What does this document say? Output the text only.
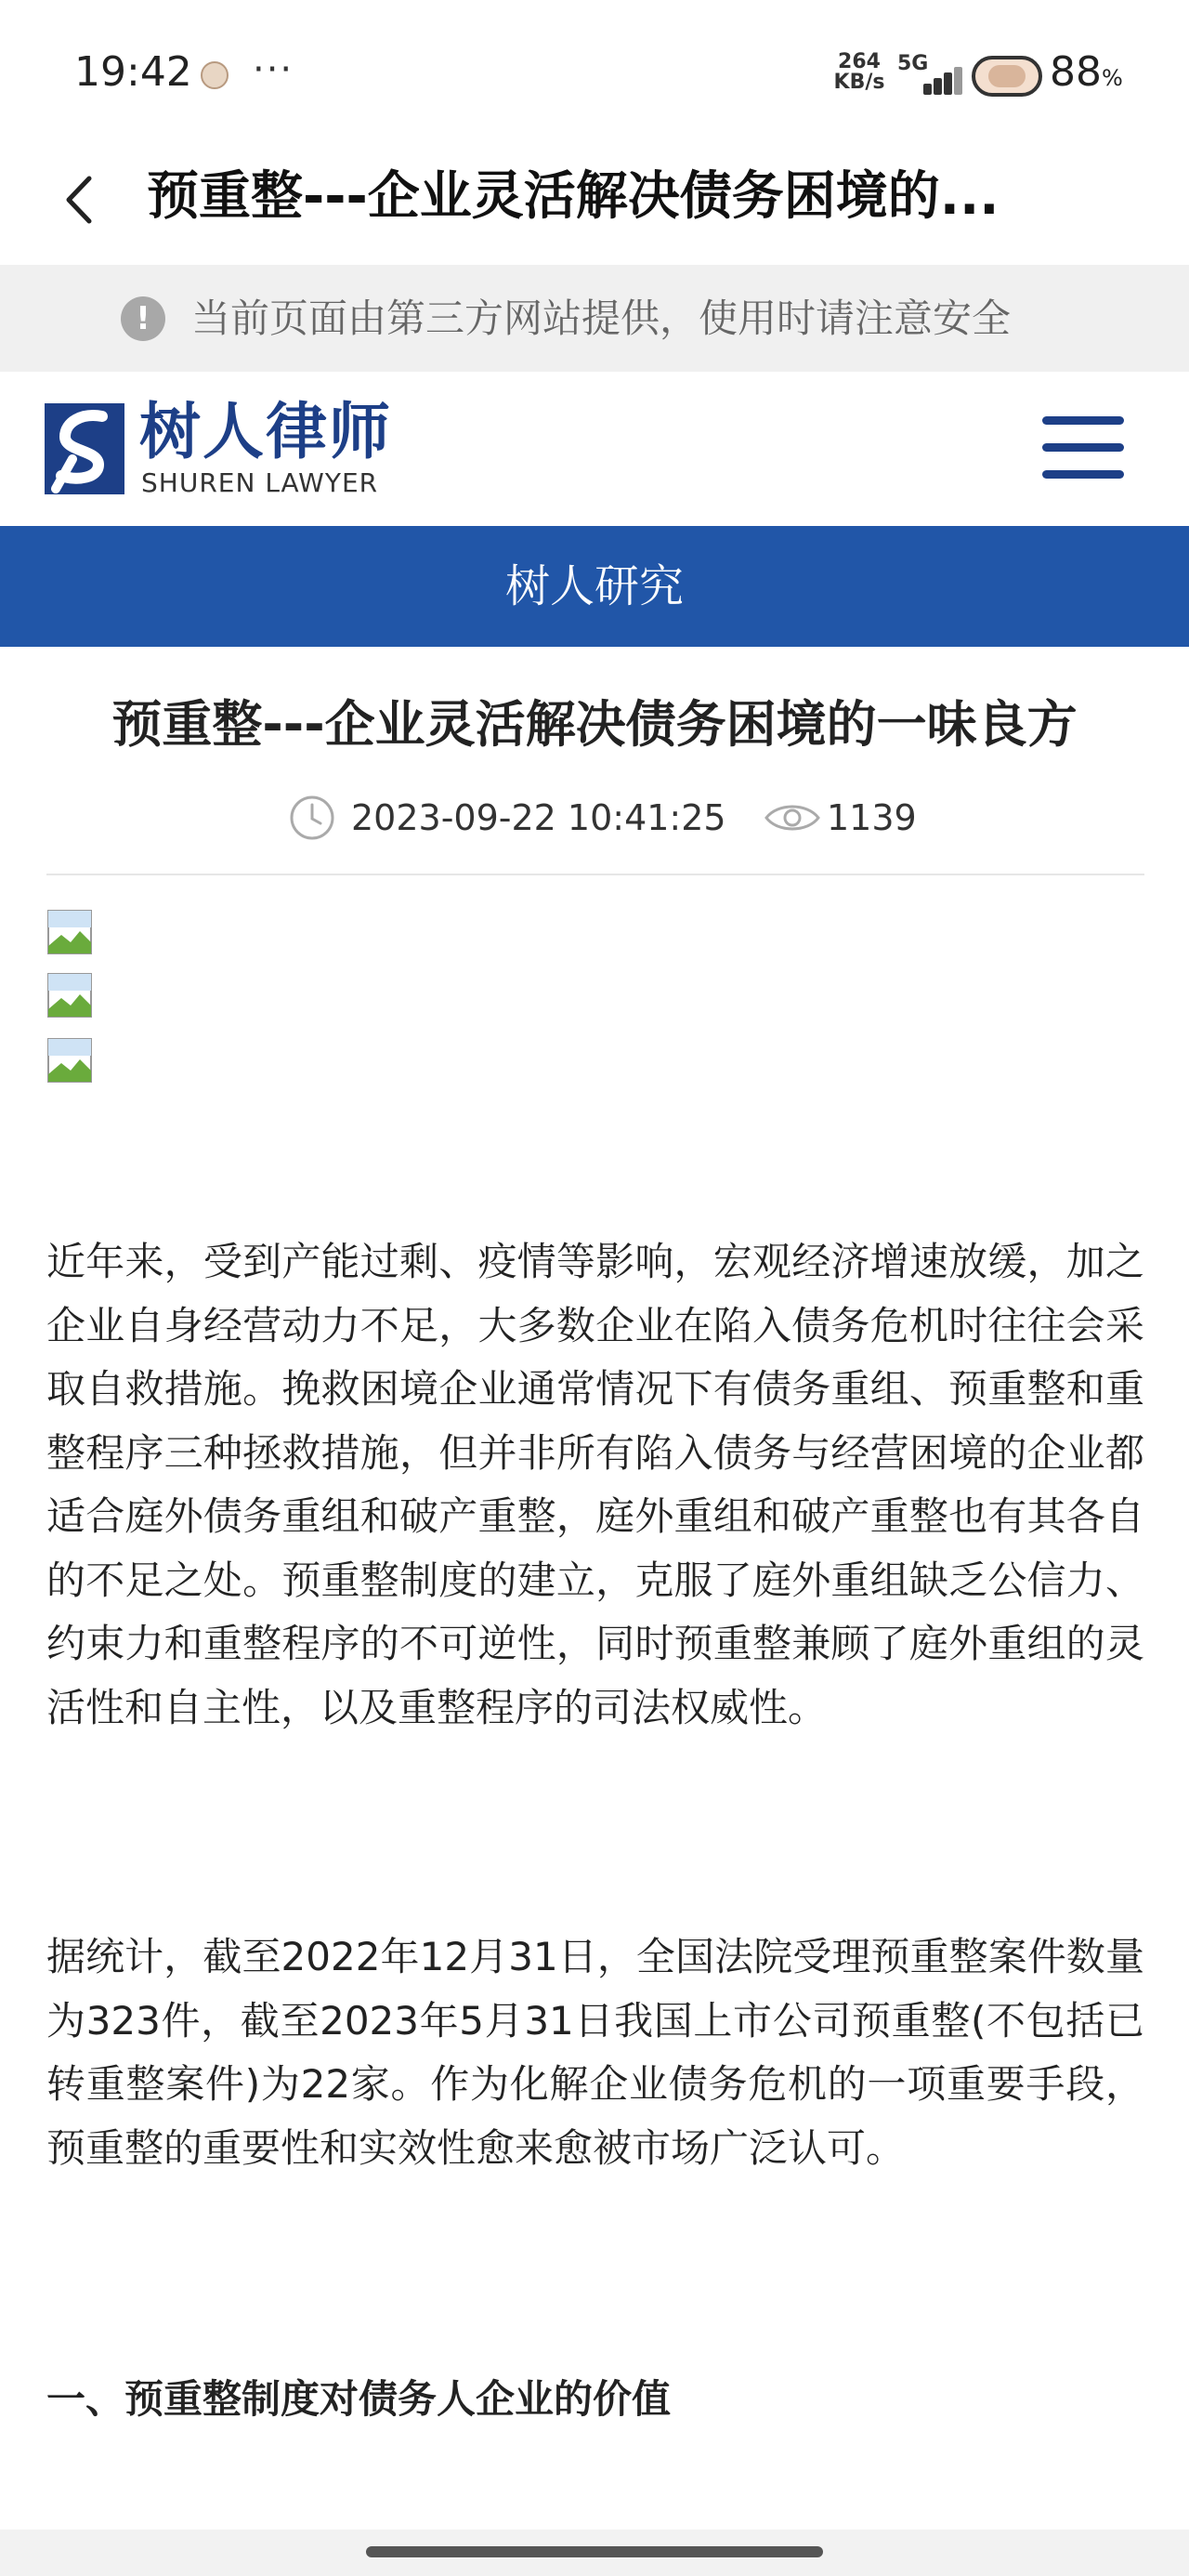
19:42 ···	264
KB/s
5G	88%
预重整---企业灵活解决债务困境的...
!	当前页面由第三方网站提供，使用时请注意安全
树人律师
SHUREN LAWYER
树人研究
预重整---企业灵活解决债务困境的一味良方
2023-09-22 10:41:25	1139

近年来，受到产能过剩、疫情等影响，宏观经济增速放缓，加之企业自身经营动力不足，大多数企业在陷入债务危机时往往会采取自救措施。挽救困境企业通常情况下有债务重组、预重整和重整程序三种拯救措施，但并非所有陷入债务与经营困境的企业都适合庭外债务重组和破产重整，庭外重组和破产重整也有其各自的不足之处。预重整制度的建立，克服了庭外重组缺乏公信力、约束力和重整程序的不可逆性，同时预重整兼顾了庭外重组的灵活性和自主性，以及重整程序的司法权威性。

据统计，截至2022年12月31日，全国法院受理预重整案件数量为323件，截至2023年5月31日我国上市公司预重整(不包括已转重整案件)为22家。作为化解企业债务危机的一项重要手段，预重整的重要性和实效性愈来愈被市场广泛认可。

一、预重整制度对债务人企业的价值
